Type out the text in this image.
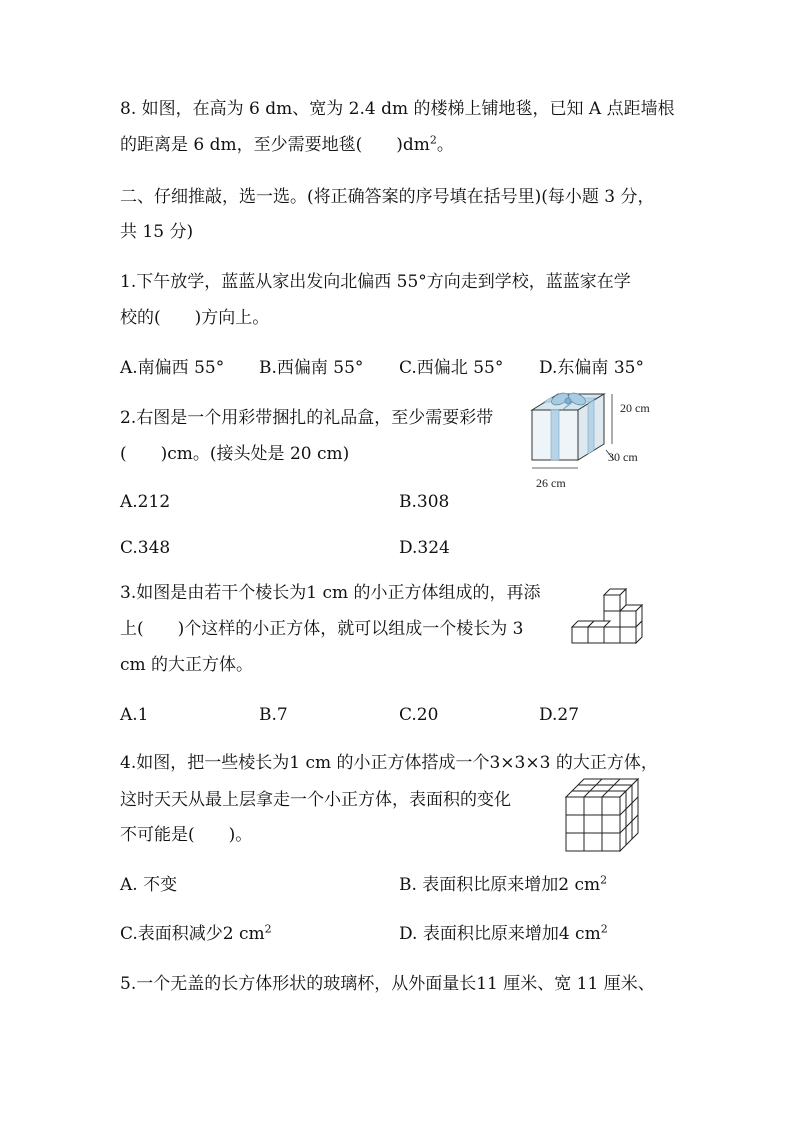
8. 如图，在高为 6 dm、宽为 2.4 dm 的楼梯上铺地毯，已知 A 点距墙根
的距离是 6 dm，至少需要地毯(　　)$dm^2$。
二、仔细推敲，选一选。(将正确答案的序号填在括号里)(每小题 3 分，
共 15 分)
1.下午放学，蓝蓝从家出发向北偏西 55°方向走到学校，蓝蓝家在学
校的(　　)方向上。
A.南偏西 55° B.西偏南 55° C.西偏北 55° D.东偏南 35°
2.右图是一个用彩带捆扎的礼品盒，至少需要彩带
(　　)cm。(接头处是 20 cm)
20 cm
30 cm
26 cm
A.212	B.308
C.348	D.324
3.如图是由若干个棱长为1 cm 的小正方体组成的，再添
上(　　)个这样的小正方体，就可以组成一个棱长为 3
cm 的大正方体。
A.1	B.7	C.20	D.27
4.如图，把一些棱长为1 cm 的小正方体搭成一个3×3×3 的大正方体，
这时天天从最上层拿走一个小正方体，表面积的变化
不可能是(　　)。
A. 不变	B. 表面积比原来增加2 $cm^2$
C.表面积减少2 $cm^2$	D. 表面积比原来增加4 $cm^2$
5.一个无盖的长方体形状的玻璃杯，从外面量长11 厘米、宽 11 厘米、
